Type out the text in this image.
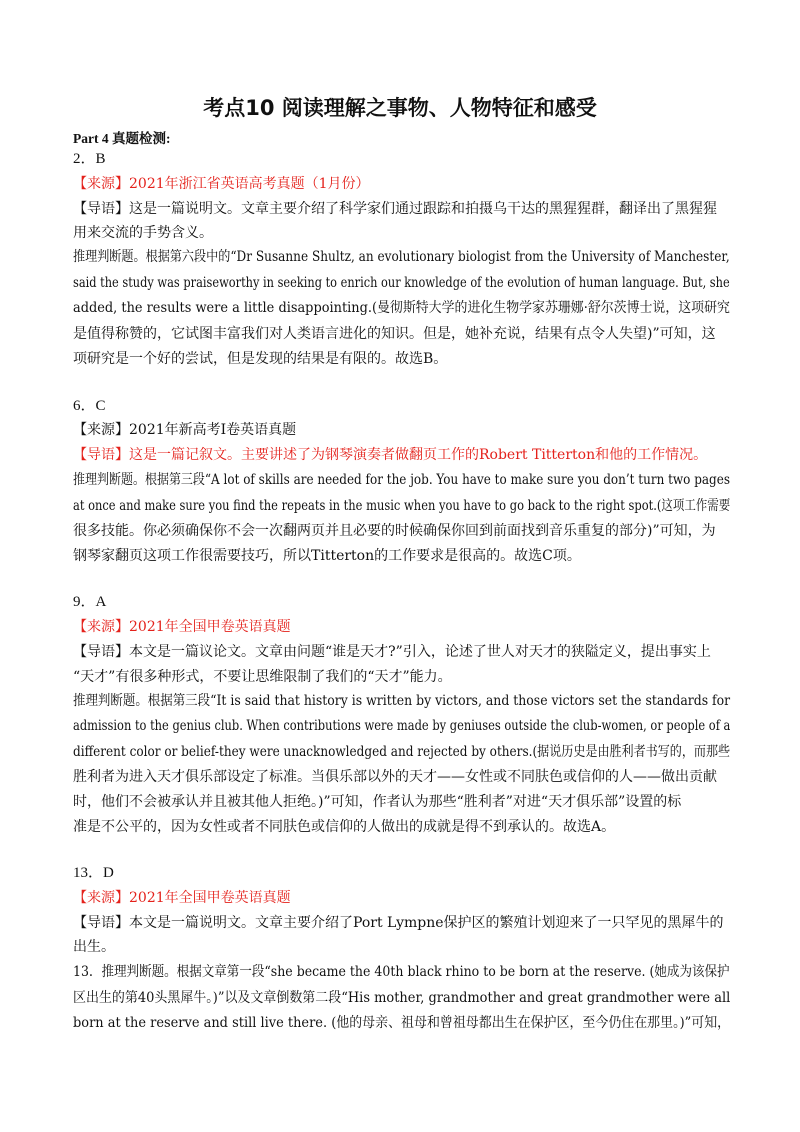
考点10 阅读理解之事物、人物特征和感受
Part 4 真题检测:
2．B
【来源】2021年浙江省英语高考真题（1月份）
【导语】这是一篇说明文。文章主要介绍了科学家们通过跟踪和拍摄乌干达的黑猩猩群，翻译出了黑猩猩
用来交流的手势含义。
推理判断题。根据第六段中的“Dr Susanne Shultz, an evolutionary biologist from the University of Manchester,
said the study was praiseworthy in seeking to enrich our knowledge of the evolution of human language. But, she
added, the results were a little disappointing.(曼彻斯特大学的进化生物学家苏珊娜·舒尔茨博士说，这项研究
是值得称赞的，它试图丰富我们对人类语言进化的知识。但是，她补充说，结果有点令人失望)”可知，这
项研究是一个好的尝试，但是发现的结果是有限的。故选B。
6．C
【来源】2021年新高考I卷英语真题
【导语】这是一篇记叙文。主要讲述了为钢琴演奏者做翻页工作的Robert Titterton和他的工作情况。
推理判断题。根据第三段“A lot of skills are needed for the job. You have to make sure you don’t turn two pages
at once and make sure you find the repeats in the music when you have to go back to the right spot.(这项工作需要
很多技能。你必须确保你不会一次翻两页并且必要的时候确保你回到前面找到音乐重复的部分)”可知，为
钢琴家翻页这项工作很需要技巧，所以Titterton的工作要求是很高的。故选C项。
9．A
【来源】2021年全国甲卷英语真题
【导语】本文是一篇议论文。文章由问题“谁是天才?”引入，论述了世人对天才的狭隘定义，提出事实上
“天才”有很多种形式，不要让思维限制了我们的“天才”能力。
推理判断题。根据第三段“It is said that history is written by victors, and those victors set the standards for
admission to the genius club. When contributions were made by geniuses outside the club-women, or people of a
different color or belief-they were unacknowledged and rejected by others.(据说历史是由胜利者书写的，而那些
胜利者为进入天才俱乐部设定了标准。当俱乐部以外的天才——女性或不同肤色或信仰的人——做出贡献
时，他们不会被承认并且被其他人拒绝。)”可知，作者认为那些“胜利者”对进“天才俱乐部”设置的标
准是不公平的，因为女性或者不同肤色或信仰的人做出的成就是得不到承认的。故选A。
13．D
【来源】2021年全国甲卷英语真题
【导语】本文是一篇说明文。文章主要介绍了Port Lympne保护区的繁殖计划迎来了一只罕见的黑犀牛的
出生。
13．推理判断题。根据文章第一段“she became the 40th black rhino to be born at the reserve. (她成为该保护
区出生的第40头黑犀牛。)”以及文章倒数第二段“His mother, grandmother and great grandmother were all
born at the reserve and still live there. (他的母亲、祖母和曾祖母都出生在保护区，至今仍住在那里。)”可知，
